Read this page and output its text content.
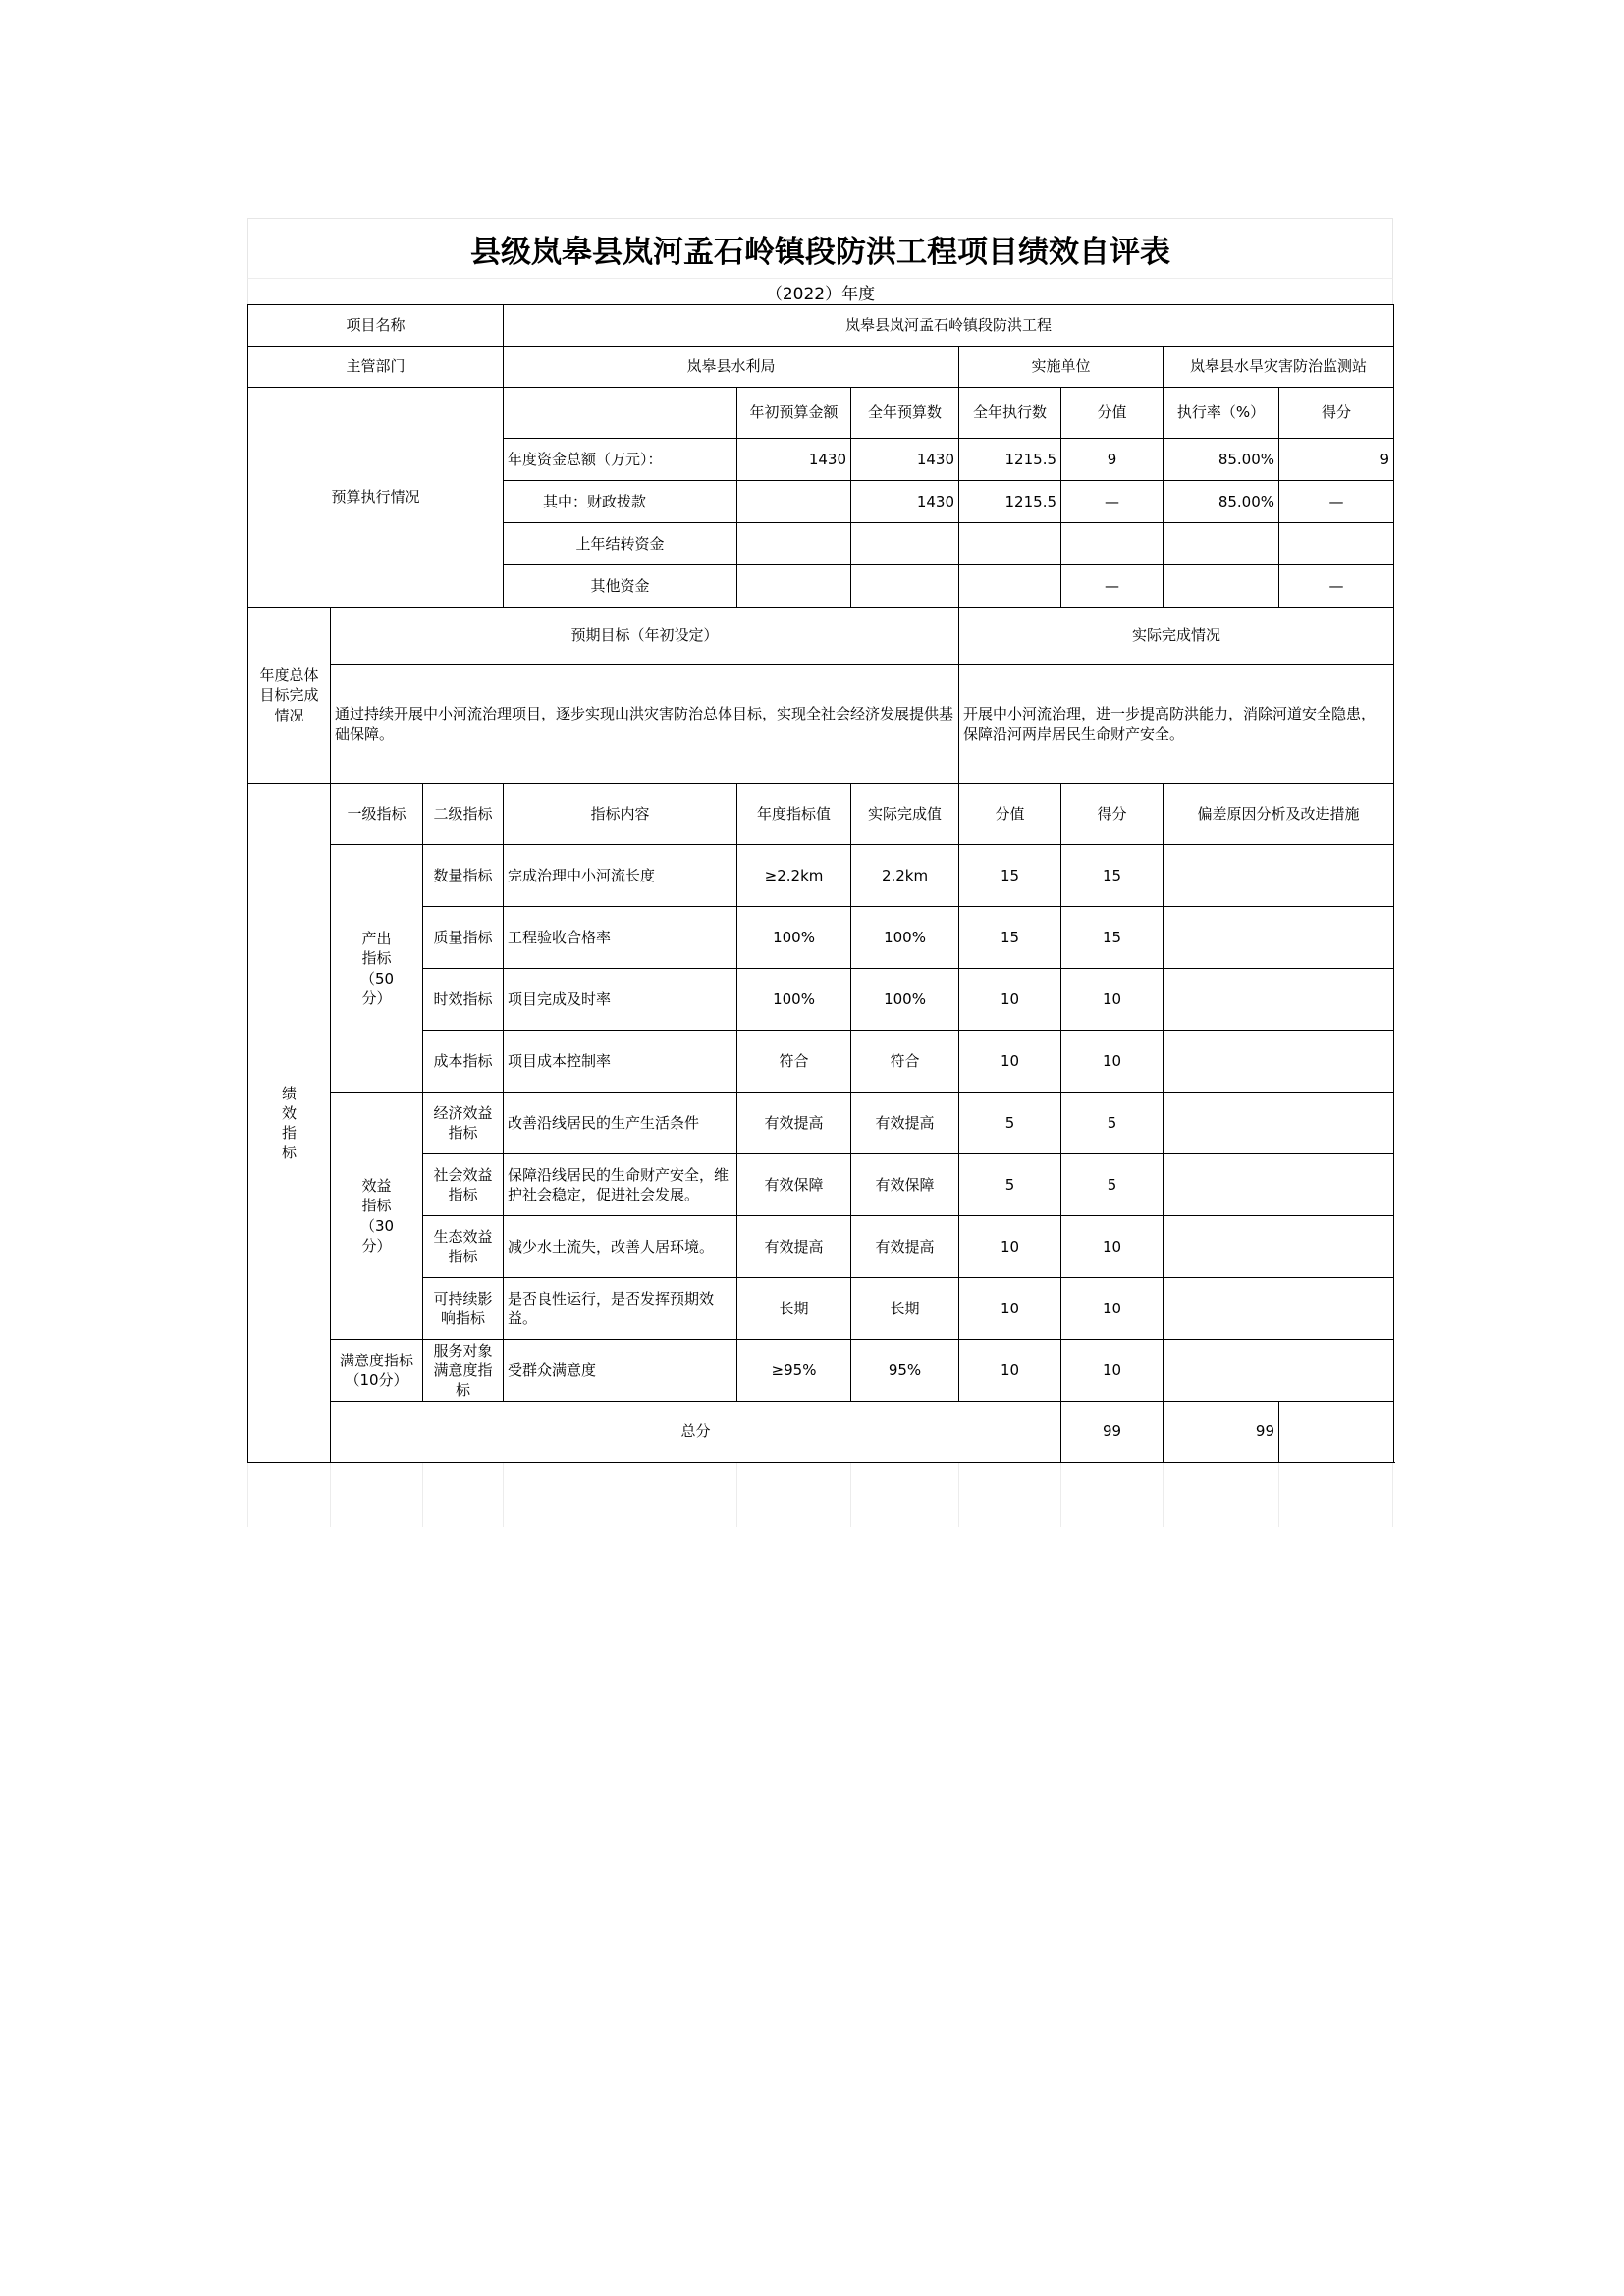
县级岚皋县岚河孟石岭镇段防洪工程项目绩效自评表
（2022）年度
项目名称			岚皋县岚河孟石岭镇段防洪工程						
主管部门			岚皋县水利局			实施单位		岚皋县水旱灾害防治监测站	
预算执行情况				年初预算金额	全年预算数	全年执行数	分值	执行率（%）	得分
			年度资金总额（万元）：	1430	1430	1215.5	9	85.00%	9
			其中：财政拨款		1430	1215.5	—	85.00%	—
			上年结转资金						
			其他资金				—		—
年度总体目标完成情况	预期目标（年初设定）					实际完成情况			
	通过持续开展中小河流治理项目，逐步实现山洪灾害防治总体目标，实现全社会经济发展提供基础保障。					开展中小河流治理，进一步提高防洪能力，消除河道安全隐患，保障沿河两岸居民生命财产安全。			
绩效指标	一级指标	二级指标	指标内容	年度指标值	实际完成值	分值	得分	偏差原因分析及改进措施	
	产出指标（50分）	数量指标	完成治理中小河流长度	≥2.2km	2.2km	15	15		
		质量指标	工程验收合格率	100%	100%	15	15		
		时效指标	项目完成及时率	100%	100%	10	10		
		成本指标	项目成本控制率	符合	符合	10	10		
	效益指标（30分）	经济效益指标	改善沿线居民的生产生活条件	有效提高	有效提高	5	5		
		社会效益指标	保障沿线居民的生命财产安全，维护社会稳定，促进社会发展。	有效保障	有效保障	5	5		
		生态效益指标	减少水土流失，改善人居环境。	有效提高	有效提高	10	10		
		可持续影响指标	是否良性运行，是否发挥预期效益。	长期	长期	10	10		
	满意度指标（10分）	服务对象满意度指标	受群众满意度	≥95%	95%	10	10		
	总分						99	99	
